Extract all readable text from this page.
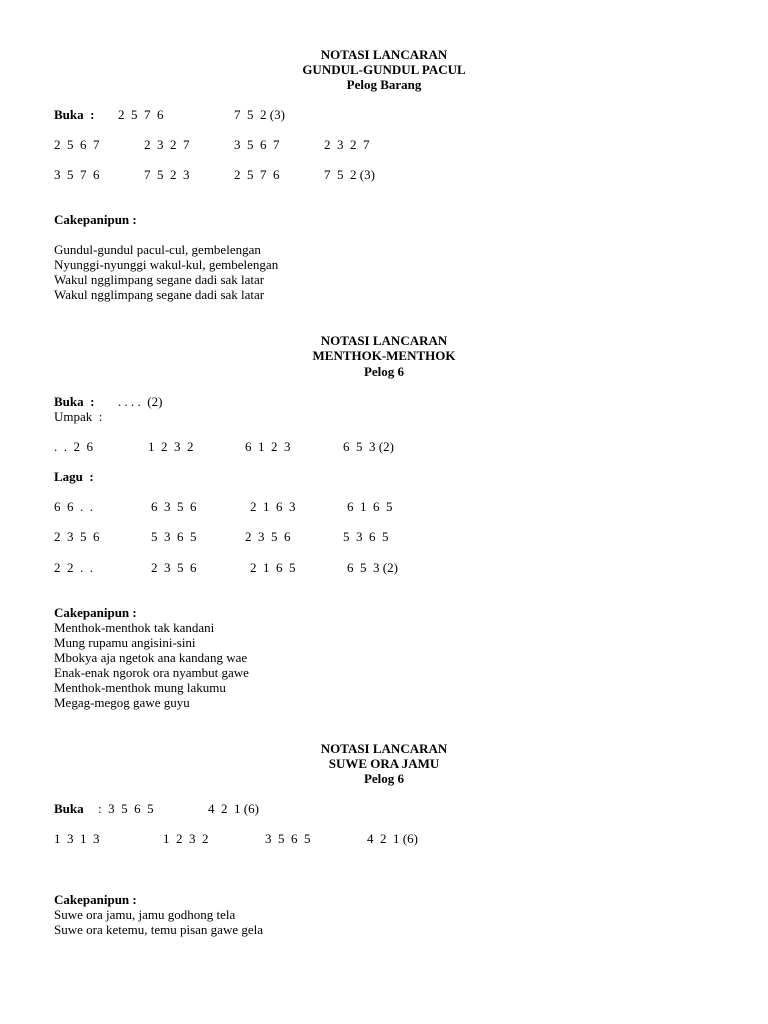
NOTASI LANCARAN
GUNDUL-GUNDUL PACUL
Pelog Barang
Buka  : 2  5  7  6	7  5  2 (3)
2  5  6  7	2  3  2  7	3  5  6  7	2  3  2  7
3  5  7  6	7  5  2  3	2  5  7  6	7  5  2 (3)
Cakepanipun :
Gundul-gundul pacul-cul, gembelengan
Nyunggi-nyunggi wakul-kul, gembelengan
Wakul ngglimpang segane dadi sak latar
Wakul ngglimpang segane dadi sak latar
NOTASI LANCARAN
MENTHOK-MENTHOK
Pelog 6
Buka  : . . . .  (2)
Umpak  :
.  .  2  6	1  2  3  2	6  1  2  3	6  5  3 (2)
Lagu  :
6  6  .  .	6  3  5  6	2  1  6  3	6  1  6  5
2  3  5  6	5  3  6  5	2  3  5  6	5  3  6  5
2  2  .  .	2  3  5  6	2  1  6  5	6  5  3 (2)
Cakepanipun :
Menthok-menthok tak kandani
Mung rupamu angisini-sini
Mbokya aja ngetok ana kandang wae
Enak-enak ngorok ora nyambut gawe
Menthok-menthok mung lakumu
Megag-megog gawe guyu
NOTASI LANCARAN
SUWE ORA JAMU
Pelog 6
Buka :  3  5  6  5	4  2  1 (6)
1  3  1  3	1  2  3  2	3  5  6  5	4  2  1 (6)
Cakepanipun :
Suwe ora jamu, jamu godhong tela
Suwe ora ketemu, temu pisan gawe gela
